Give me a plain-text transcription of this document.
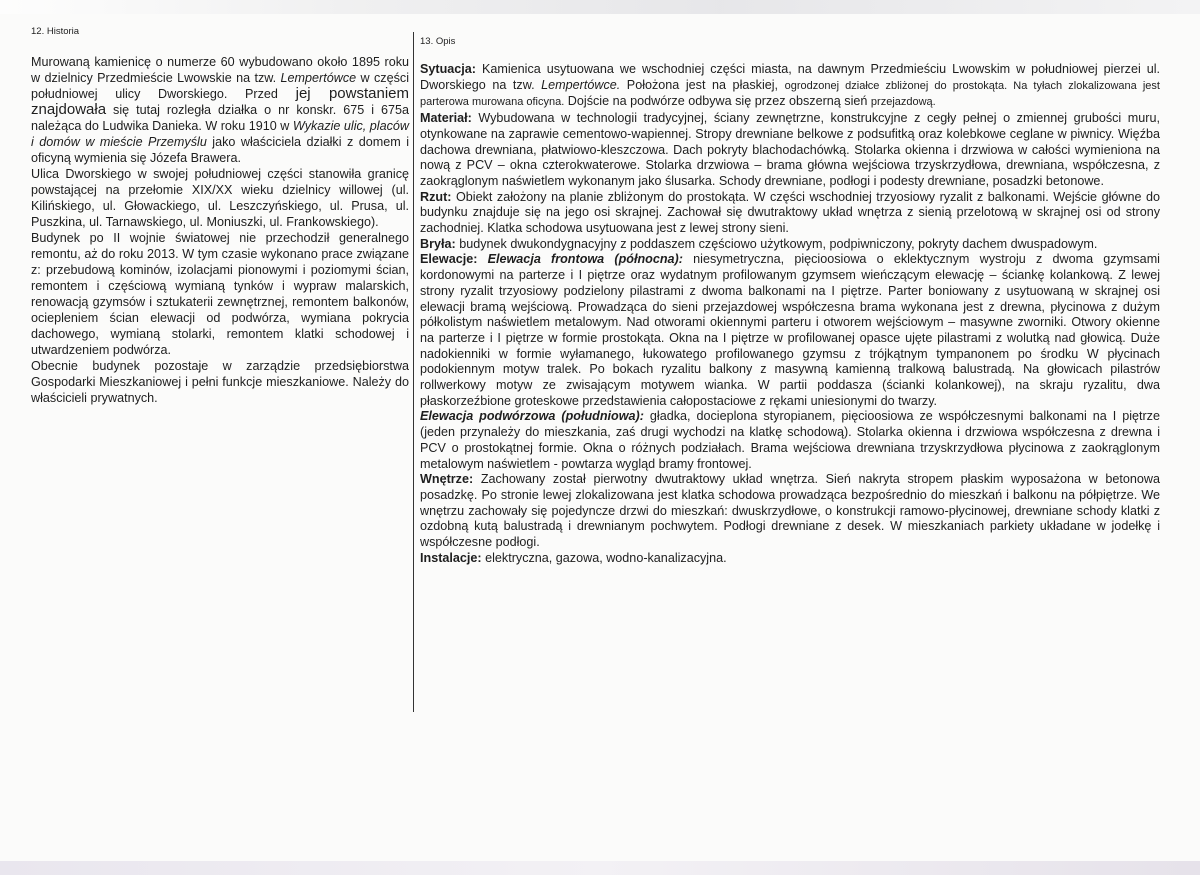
12. Historia

Murowaną kamienicę o numerze 60 wybudowano około 1895 roku w dzielnicy Przedmieście Lwowskie na tzw. Lempertówce w części południowej ulicy Dworskiego. Przed jej powstaniem znajdowała się tutaj rozległa działka o nr konskr. 675 i 675a należąca do Ludwika Danieka. W roku 1910 w Wykazie ulic, placów i domów w mieście Przemyślu jako właściciela działki z domem i oficyną wymienia się Józefa Brawera.

Ulica Dworskiego w swojej południowej części stanowiła granicę powstającej na przełomie XIX/XX wieku dzielnicy willowej (ul. Kilińskiego, ul. Głowackiego, ul. Leszczyńskiego, ul. Prusa, ul. Puszkina, ul. Tarnawskiego, ul. Moniuszki, ul. Frankowskiego).

Budynek po II wojnie światowej nie przechodził generalnego remontu, aż do roku 2013. W tym czasie wykonano prace związane z: przebudową kominów, izolacjami pionowymi i poziomymi ścian, remontem i częściową wymianą tynków i wypraw malarskich, renowacją gzymsów i sztukaterii zewnętrznej, remontem balkonów, ociepleniem ścian elewacji od podwórza, wymiana pokrycia dachowego, wymianą stolarki, remontem klatki schodowej i utwardzeniem podwórza.

Obecnie budynek pozostaje w zarządzie przedsiębiorstwa Gospodarki Mieszkaniowej i pełni funkcje mieszkaniowe. Należy do właścicieli prywatnych.

13. Opis

Sytuacja: Kamienica usytuowana we wschodniej części miasta, na dawnym Przedmieściu Lwowskim w południowej pierzei ul. Dworskiego na tzw. Lempertówce. Położona jest na płaskiej, ogrodzonej działce zbliżonej do prostokąta. Na tyłach zlokalizowana jest parterowa murowana oficyna. Dojście na podwórze odbywa się przez obszerną sień przejazdową.

Materiał: Wybudowana w technologii tradycyjnej, ściany zewnętrzne, konstrukcyjne z cegły pełnej o zmiennej grubości muru, otynkowane na zaprawie cementowo-wapiennej. Stropy drewniane belkowe z podsufitką oraz kolebkowe ceglane w piwnicy. Więźba dachowa drewniana, płatwiowo-kleszczowa. Dach pokryty blachodachówką. Stolarka okienna i drzwiowa w całości wymieniona na nową z PCV – okna czterokwaterowe. Stolarka drzwiowa – brama główna wejściowa trzyskrzydłowa, drewniana, współczesna, z zaokrąglonym naświetlem wykonanym jako ślusarka. Schody drewniane, podłogi i podesty drewniane, posadzki betonowe.

Rzut: Obiekt założony na planie zbliżonym do prostokąta. W części wschodniej trzyosiowy ryzalit z balkonami. Wejście główne do budynku znajduje się na jego osi skrajnej. Zachował się dwutraktowy układ wnętrza z sienią przelotową w skrajnej osi od strony zachodniej. Klatka schodowa usytuowana jest z lewej strony sieni.

Bryła: budynek dwukondygnacyjny z poddaszem częściowo użytkowym, podpiwniczony, pokryty dachem dwuspadowym.

Elewacje: Elewacja frontowa (północna): niesymetryczna, pięcioosiowa o eklektycznym wystroju z dwoma gzymsami kordonowymi na parterze i I piętrze oraz wydatnym profilowanym gzymsem wieńczącym elewację – ściankę kolankową. Z lewej strony ryzalit trzyosiowy podzielony pilastrami z dwoma balkonami na I piętrze. Parter boniowany z usytuowaną w skrajnej osi elewacji bramą wejściową. Prowadząca do sieni przejazdowej współczesna brama wykonana jest z drewna, płycinowa z dużym półkolistym naświetlem metalowym. Nad otworami okiennymi parteru i otworem wejściowym – masywne zworniki. Otwory okienne na parterze i I piętrze w formie prostokąta. Okna na I piętrze w profilowanej opasce ujęte pilastrami z wolutką nad głowicą. Duże nadokienniki w formie wyłamanego, łukowatego profilowanego gzymsu z trójkątnym tympanonem po środku W płycinach podokiennym motyw tralek. Po bokach ryzalitu balkony z masywną kamienną tralkową balustradą. Na głowicach pilastrów rollwerkowy motyw ze zwisającym motywem wianka. W partii poddasza (ścianki kolankowej), na skraju ryzalitu, dwa płaskorzeźbione groteskowe przedstawienia całopostaciowe z rękami uniesionymi do twarzy.

Elewacja podwórzowa (południowa): gładka, docieplona styropianem, pięcioosiowa ze współczesnymi balkonami na I piętrze (jeden przynależy do mieszkania, zaś drugi wychodzi na klatkę schodową). Stolarka okienna i drzwiowa współczesna z drewna i PCV o prostokątnej formie. Okna o różnych podziałach. Brama wejściowa drewniana trzyskrzydłowa płycinowa z zaokrąglonym metalowym naświetlem - powtarza wygląd bramy frontowej.

Wnętrze: Zachowany został pierwotny dwutraktowy układ wnętrza. Sień nakryta stropem płaskim wyposażona w betonowa posadzkę. Po stronie lewej zlokalizowana jest klatka schodowa prowadząca bezpośrednio do mieszkań i balkonu na półpiętrze. We wnętrzu zachowały się pojedyncze drzwi do mieszkań: dwuskrzydłowe, o konstrukcji ramowo-płycinowej, drewniane schody klatki z ozdobną kutą balustradą i drewnianym pochwytem. Podłogi drewniane z desek. W mieszkaniach parkiety układane w jodełkę i współczesne podłogi.

Instalacje: elektryczna, gazowa, wodno-kanalizacyjna.
